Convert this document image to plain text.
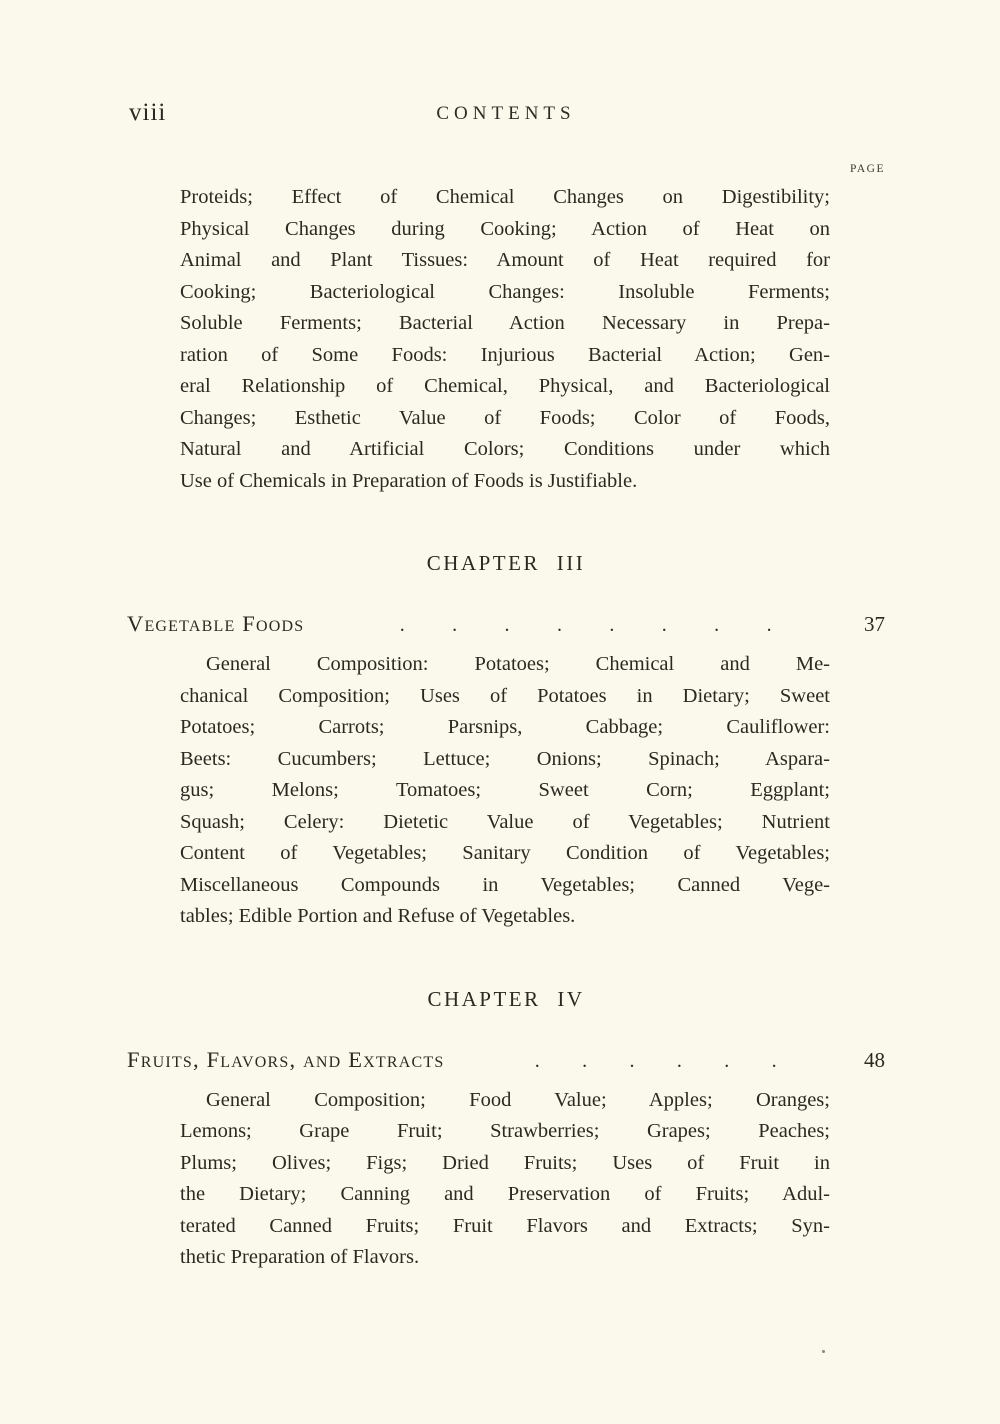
viii	CONTENTS
PAGE
Proteids; Effect of Chemical Changes on Digestibility;
Physical Changes during Cooking; Action of Heat on
Animal and Plant Tissues: Amount of Heat required for
Cooking; Bacteriological Changes: Insoluble Ferments;
Soluble Ferments; Bacterial Action Necessary in Prepa-
ration of Some Foods: Injurious Bacterial Action; Gen-
eral Relationship of Chemical, Physical, and Bacteriological
Changes; Esthetic Value of Foods; Color of Foods,
Natural and Artificial Colors; Conditions under which
Use of Chemicals in Preparation of Foods is Justifiable.
CHAPTER III
Vegetable Foods	. . . . . . . .	37
General Composition: Potatoes; Chemical and Me-
chanical Composition; Uses of Potatoes in Dietary; Sweet
Potatoes; Carrots; Parsnips, Cabbage; Cauliflower:
Beets: Cucumbers; Lettuce; Onions; Spinach; Aspara-
gus; Melons; Tomatoes; Sweet Corn; Eggplant;
Squash; Celery: Dietetic Value of Vegetables; Nutrient
Content of Vegetables; Sanitary Condition of Vegetables;
Miscellaneous Compounds in Vegetables; Canned Vege-
tables; Edible Portion and Refuse of Vegetables.
CHAPTER IV
Fruits, Flavors, and Extracts	. . . . . .	48
General Composition; Food Value; Apples; Oranges;
Lemons; Grape Fruit; Strawberries; Grapes; Peaches;
Plums; Olives; Figs; Dried Fruits; Uses of Fruit in
the Dietary; Canning and Preservation of Fruits; Adul-
terated Canned Fruits; Fruit Flavors and Extracts; Syn-
thetic Preparation of Flavors.
